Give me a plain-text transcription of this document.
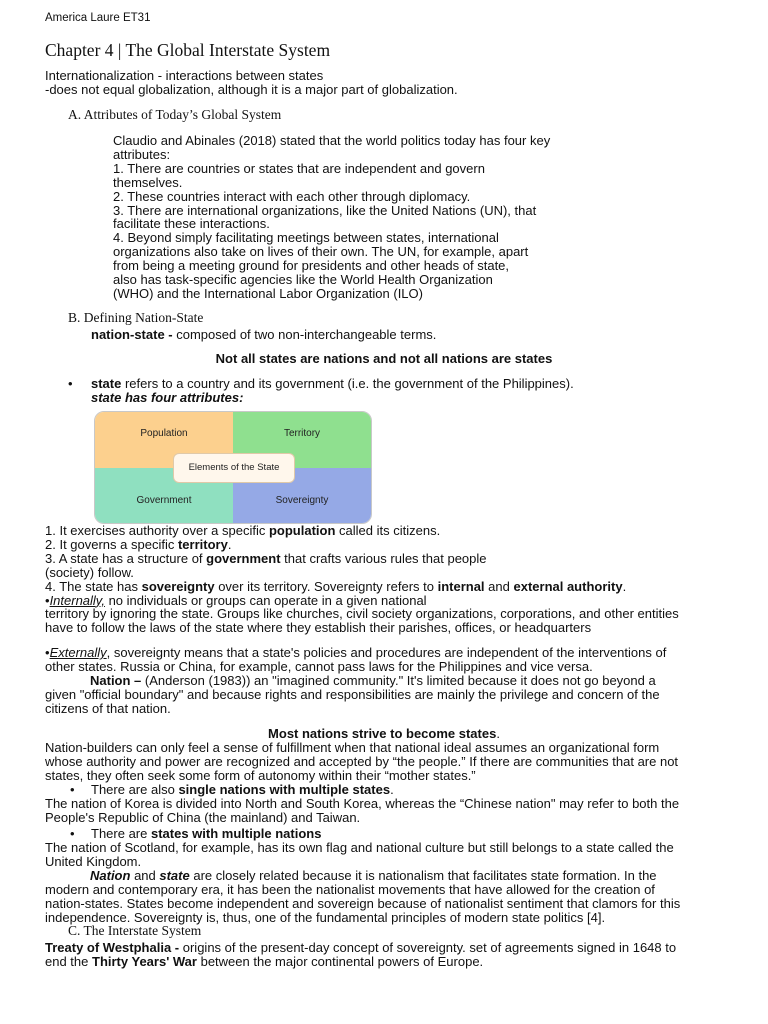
America Laure ET31
Chapter 4 | The Global Interstate System
Internationalization - interactions between states
-does not equal globalization, although it is a major part of globalization.
A. Attributes of Today’s Global System
Claudio and Abinales (2018) stated that the world politics today has four key
attributes:
1. There are countries or states that are independent and govern
themselves.
2. These countries interact with each other through diplomacy.
3. There are international organizations, like the United Nations (UN), that
facilitate these interactions.
4. Beyond simply facilitating meetings between states, international
organizations also take on lives of their own. The UN, for example, apart
from being a meeting ground for presidents and other heads of state,
also has task-specific agencies like the World Health Organization
(WHO) and the International Labor Organization (ILO)
B. Defining Nation-State
nation-state - composed of two non-interchangeable terms.
Not all states are nations and not all nations are states
• state refers to a country and its government (i.e. the government of the Philippines).
state has four attributes:
Population	Territory
Government	Sovereignty
Elements of the State
1. It exercises authority over a specific population called its citizens.
2. It governs a specific territory.
3. A state has a structure of government that crafts various rules that people
(society) follow.
4. The state has sovereignty over its territory. Sovereignty refers to internal and external authority.
•Internally, no individuals or groups can operate in a given national
territory by ignoring the state. Groups like churches, civil society organizations, corporations, and other entities
have to follow the laws of the state where they establish their parishes, offices, or headquarters
•Externally, sovereignty means that a state's policies and procedures are independent of the interventions of
other states. Russia or China, for example, cannot pass laws for the Philippines and vice versa.
Nation – (Anderson (1983)) an "imagined community." It's limited because it does not go beyond a
given "official boundary" and because rights and responsibilities are mainly the privilege and concern of the
citizens of that nation.
Most nations strive to become states.
Nation-builders can only feel a sense of fulfillment when that national ideal assumes an organizational form
whose authority and power are recognized and accepted by “the people.” If there are communities that are not
states, they often seek some form of autonomy within their “mother states.”
• There are also single nations with multiple states.
The nation of Korea is divided into North and South Korea, whereas the “Chinese nation" may refer to both the
People's Republic of China (the mainland) and Taiwan.
• There are states with multiple nations
The nation of Scotland, for example, has its own flag and national culture but still belongs to a state called the
United Kingdom.
Nation and state are closely related because it is nationalism that facilitates state formation. In the
modern and contemporary era, it has been the nationalist movements that have allowed for the creation of
nation-states. States become independent and sovereign because of nationalist sentiment that clamors for this
independence. Sovereignty is, thus, one of the fundamental principles of modern state politics [4].
C. The Interstate System
Treaty of Westphalia - origins of the present-day concept of sovereignty. set of agreements signed in 1648 to
end the Thirty Years' War between the major continental powers of Europe.
